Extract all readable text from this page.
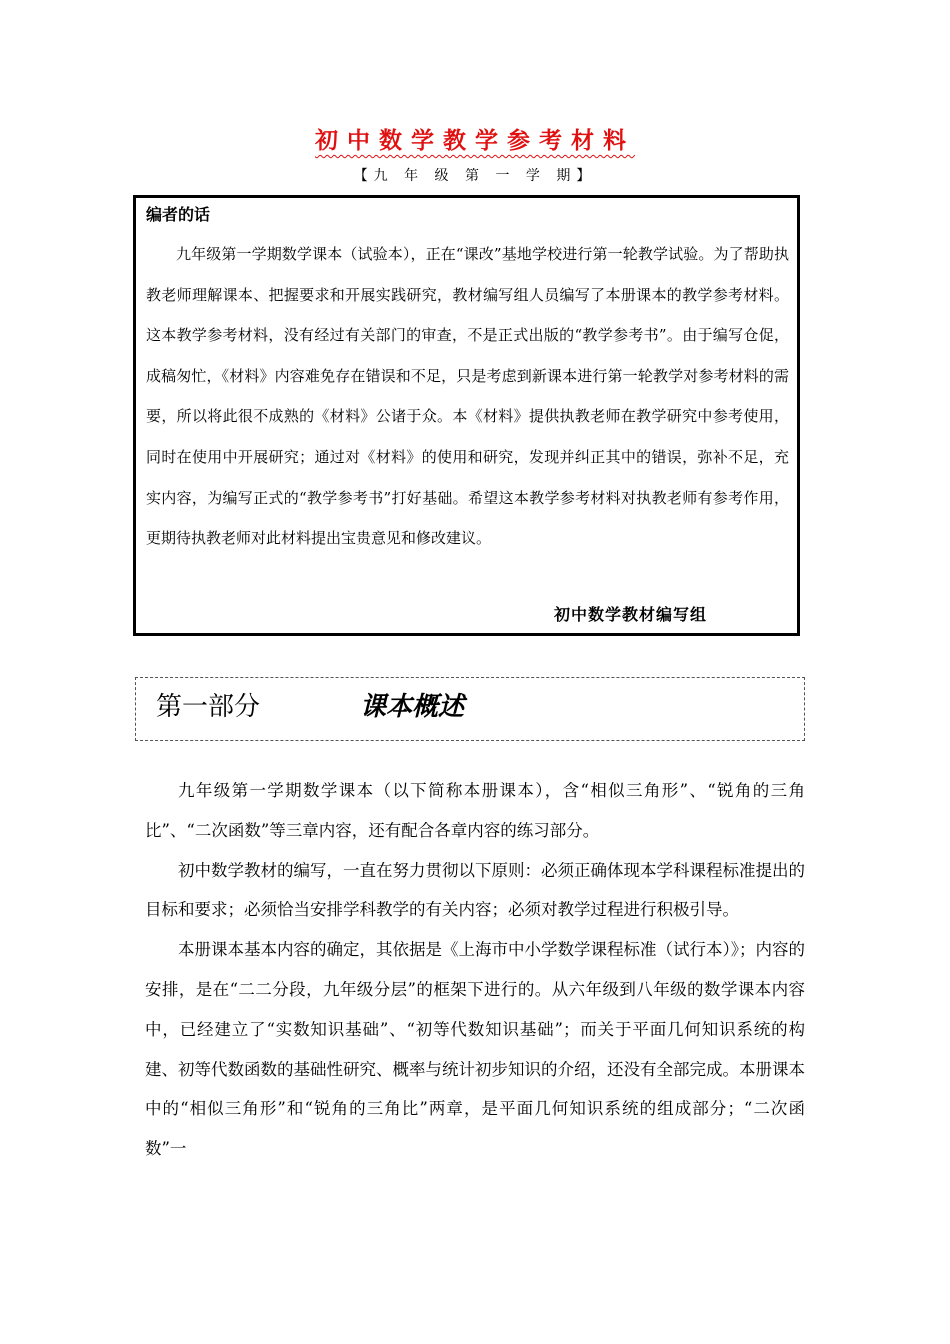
初中数学教学参考材料
【九 年 级 第 一 学 期】
编者的话
九年级第一学期数学课本（试验本），正在“课改”基地学校进行第一轮教学试验。为了帮助执教老师理解课本、把握要求和开展实践研究，教材编写组人员编写了本册课本的教学参考材料。这本教学参考材料，没有经过有关部门的审查，不是正式出版的“教学参考书”。由于编写仓促，成稿匆忙，《材料》内容难免存在错误和不足，只是考虑到新课本进行第一轮教学对参考材料的需要，所以将此很不成熟的《材料》公诸于众。本《材料》提供执教老师在教学研究中参考使用，同时在使用中开展研究；通过对《材料》的使用和研究，发现并纠正其中的错误，弥补不足，充实内容，为编写正式的“教学参考书”打好基础。希望这本教学参考材料对执教老师有参考作用，更期待执教老师对此材料提出宝贵意见和修改建议。
初中数学教材编写组
第一部分	课本概述

九年级第一学期数学课本（以下简称本册课本），含“相似三角形”、“锐角的三角比”、“二次函数”等三章内容，还有配合各章内容的练习部分。

初中数学教材的编写，一直在努力贯彻以下原则：必须正确体现本学科课程标准提出的目标和要求；必须恰当安排学科教学的有关内容；必须对教学过程进行积极引导。

本册课本基本内容的确定，其依据是《上海市中小学数学课程标准（试行本）》；内容的安排，是在“二二分段，九年级分层”的框架下进行的。从六年级到八年级的数学课本内容中，已经建立了“实数知识基础”、“初等代数知识基础”；而关于平面几何知识系统的构建、初等代数函数的基础性研究、概率与统计初步知识的介绍，还没有全部完成。本册课本中的“相似三角形”和“锐角的三角比”两章，是平面几何知识系统的组成部分；“二次函数”一
